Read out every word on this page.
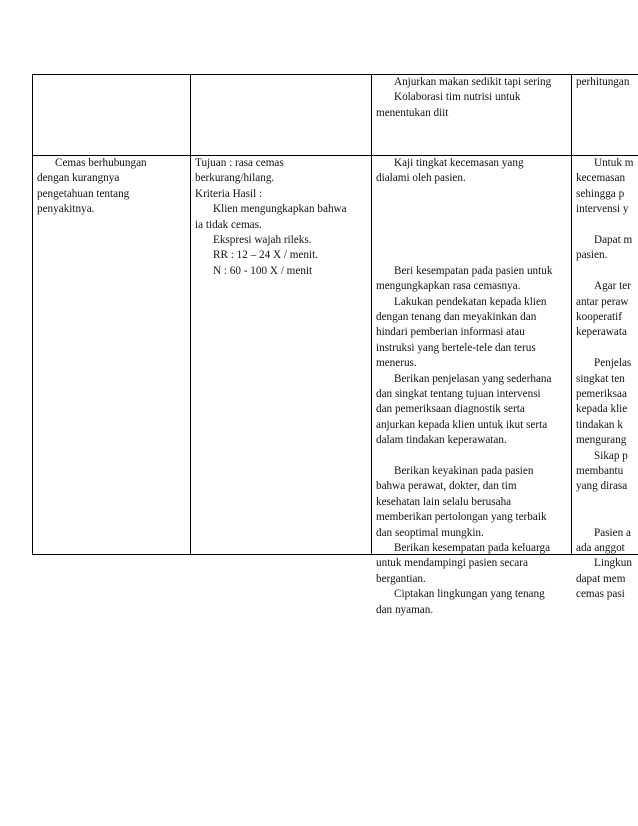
Anjurkan makan sedikit tapi sering
Kolaborasi tim nutrisi untuk
menentukan diit
perhitungan
Cemas berhubungan
dengan kurangnya
pengetahuan tentang
penyakitnya.
Tujuan : rasa cemas
berkurang/hilang.
Kriteria Hasil :
Klien mengungkapkan bahwa
ia tidak cemas.
Ekspresi wajah rileks.
RR : 12 – 24 X / menit.
N : 60 - 100 X / menit
Kaji tingkat kecemasan yang
dialami oleh pasien.
Beri kesempatan pada pasien untuk
mengungkapkan rasa cemasnya.
Lakukan pendekatan kepada klien
dengan tenang dan meyakinkan dan
hindari pemberian informasi atau
instruksi yang bertele-tele dan terus
menerus.
Berikan penjelasan yang sederhana
dan singkat tentang tujuan intervensi
dan pemeriksaan diagnostik serta
anjurkan kepada klien untuk ikut serta
dalam tindakan keperawatan.
Berikan keyakinan pada pasien
bahwa perawat, dokter, dan tim
kesehatan lain selalu berusaha
memberikan pertolongan yang terbaik
dan seoptimal mungkin.
Berikan kesempatan pada keluarga
untuk mendampingi pasien secara
bergantian.
Ciptakan lingkungan yang tenang
dan nyaman.
Untuk m
kecemasan
sehingga p
intervensi y
Dapat m
pasien.
Agar ter
antar peraw
kooperatif
keperawata
Penjelas
singkat ten
pemeriksaa
kepada klie
tindakan k
mengurang
Sikap p
membantu
yang dirasa
Pasien a
ada anggot
Lingkun
dapat mem
cemas pasi
